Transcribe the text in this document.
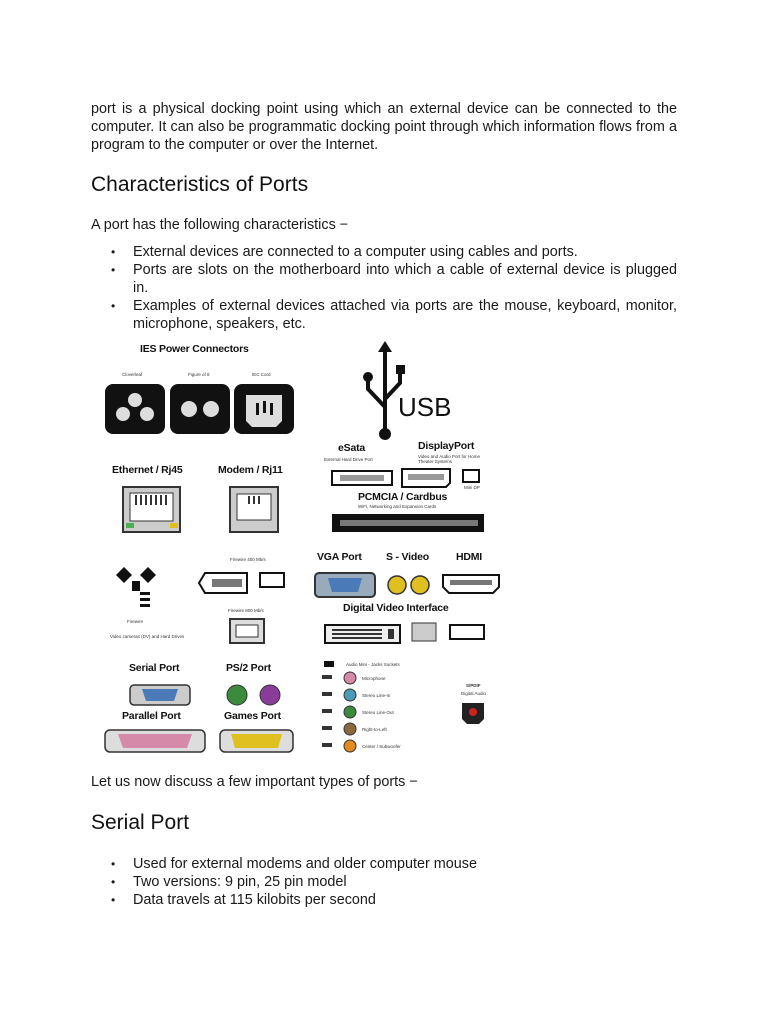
port is a physical docking point using which an external device can be connected to the computer. It can also be programmatic docking point through which information flows from a program to the computer or over the Internet.

Characteristics of Ports

A port has the following characteristics −

• External devices are connected to a computer using cables and ports.
• Ports are slots on the motherboard into which a cable of external device is plugged in.
• Examples of external devices attached via ports are the mouse, keyboard, monitor, microphone, speakers, etc.

Let us now discuss a few important types of ports −

Serial Port
• Used for external modems and older computer mouse
• Two versions: 9 pin, 25 pin model
• Data travels at 115 kilobits per second
IES Power Connectors
Cloverleaf	Figure of 8	IEC Cord
USB
eSata
External Hard Drive Port
DisplayPort
Video and Audio Port for Home Theater Systems
Mini DP
Ethernet / Rj45	Modem / Rj11
PCMCIA / Cardbus
WiFi, Networking and Expansion Cards
Firewire 400 Mb/s
Firewire 800 Mb/s
Firewire
Video cameras (DV) and Hard Drives
VGA Port S - Video	HDMI
Digital Video Interface
Serial Port	PS/2 Port
Parallel Port	Games Port
Audio Mini - Jacks Sockets
Microphone
Stereo Line-In
Stereo Line-Out
Right-to-Left
Center / Subwoofer
S/PDIF
Digital Audio
